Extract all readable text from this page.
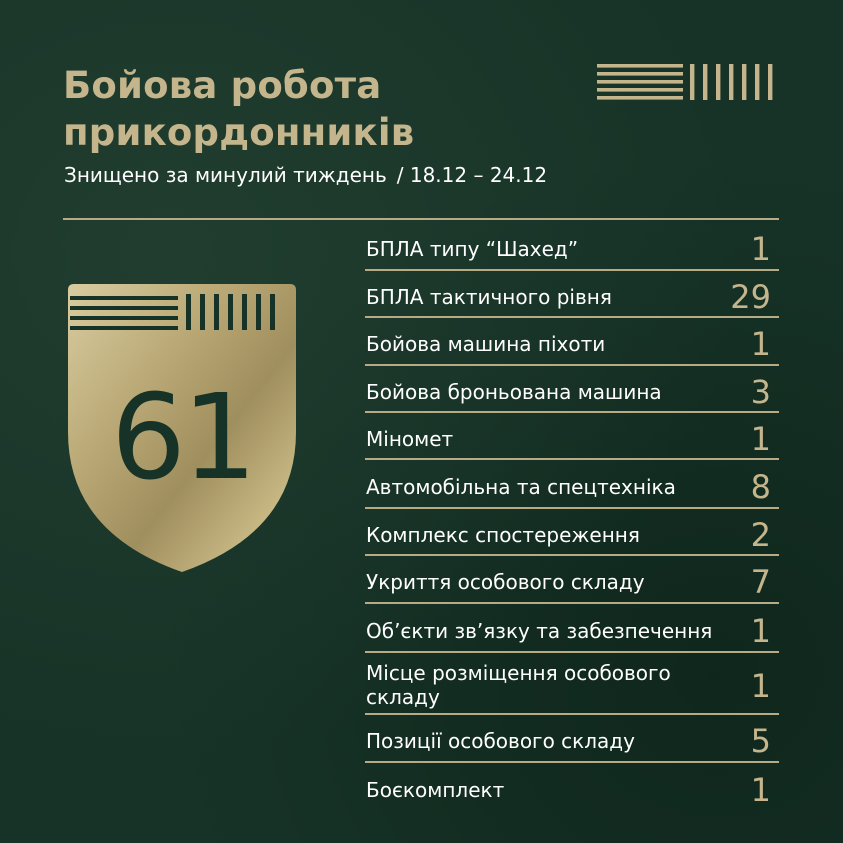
Бойова робота
прикордонників
Знищено за минулий тиждень / 18.12 – 24.12
61
БПЛА типу “Шахед”	1
БПЛА тактичного рівня	29
Бойова машина піхоти	1
Бойова броньована машина	3
Міномет	1
Автомобільна та спецтехніка	8
Комплекс спостереження	2
Укриття особового складу	7
Об’єкти зв’язку та забезпечення	1
Місце розміщення особового складу	1
Позиції особового складу	5
Боєкомплект	1
